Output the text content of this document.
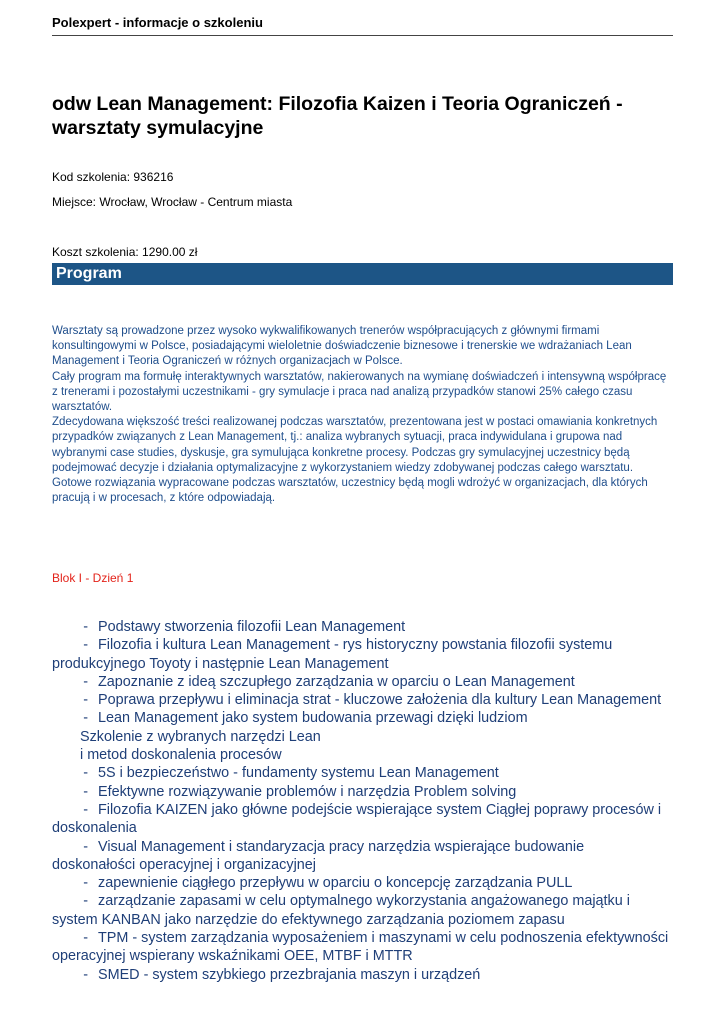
Polexpert - informacje o szkoleniu
odw Lean Management: Filozofia Kaizen i Teoria Ograniczeń - warsztaty symulacyjne
Kod szkolenia: 936216
Miejsce: Wrocław, Wrocław - Centrum miasta
Koszt szkolenia: 1290.00 zł
Program

Warsztaty są prowadzone przez wysoko wykwalifikowanych trenerów współpracujących z głównymi firmami konsultingowymi w Polsce, posiadającymi wieloletnie doświadczenie biznesowe i trenerskie we wdrażaniach Lean Management i Teoria Ograniczeń w różnych organizacjach w Polsce.

Cały program ma formułę interaktywnych warsztatów, nakierowanych na wymianę doświadczeń i intensywną współpracę z treneramі i pozostałymi uczestnikami - gry symulacje i praca nad analizą przypadków stanowi 25% całego czasu warsztatów.

Zdecydowana większość treści realizowanej podczas warsztatów, prezentowana jest w postaci omawiania konkretnych przypadków związanych z Lean Management, tj.: analiza wybranych sytuacji, praca indywidulana i grupowa nad wybranymi case studies, dyskusje, gra symulująca konkretne procesy. Podczas gry symulacyjnej uczestnicy będą podejmować decyzje i działania optymalizacyjne z wykorzystaniem wiedzy zdobywanej podczas całego warsztatu.

Gotowe rozwiązania wypracowane podczas warsztatów, uczestnicy będą mogli wdrożyć w organizacjach, dla których pracują i w procesach, z które odpowiadają.

Blok I - Dzień 1
- Podstawy stworzenia filozofii Lean Management
- Filozofia i kultura Lean Management - rys historyczny powstania filozofii systemu
produkcyjnego Toyoty i następnie Lean Management
- Zapoznanie z ideą szczupłego zarządzania w oparciu o Lean Management
- Poprawa przepływu i eliminacja strat - kluczowe założenia dla kultury Lean Management
- Lean Management jako system budowania przewagi dzięki ludziom
Szkolenie z wybranych narzędzi Lean
i metod doskonalenia procesów
- 5S i bezpieczeństwo - fundamenty systemu Lean Management
- Efektywne rozwiązywanie problemów i narzędzia Problem solving
- Filozofia KAIZEN jako główne podejście wspierające system Ciągłej poprawy procesów i
doskonalenia
- Visual Management i standaryzacja pracy narzędzia wspierające budowanie
doskonałości operacyjnej i organizacyjnej
- zapewnienie ciągłego przepływu w oparciu o koncepcję zarządzania PULL
- zarządzanie zapasami w celu optymalnego wykorzystania angażowanego majątku i
system KANBAN jako narzędzie do efektywnego zarządzania poziomem zapasu
- TPM - system zarządzania wyposażeniem i maszynami w celu podnoszenia efektywności
operacyjnej wspierany wskaźnikami OEE, MTBF i MTTR
- SMED - system szybkiego przezbrajania maszyn i urządzeń
